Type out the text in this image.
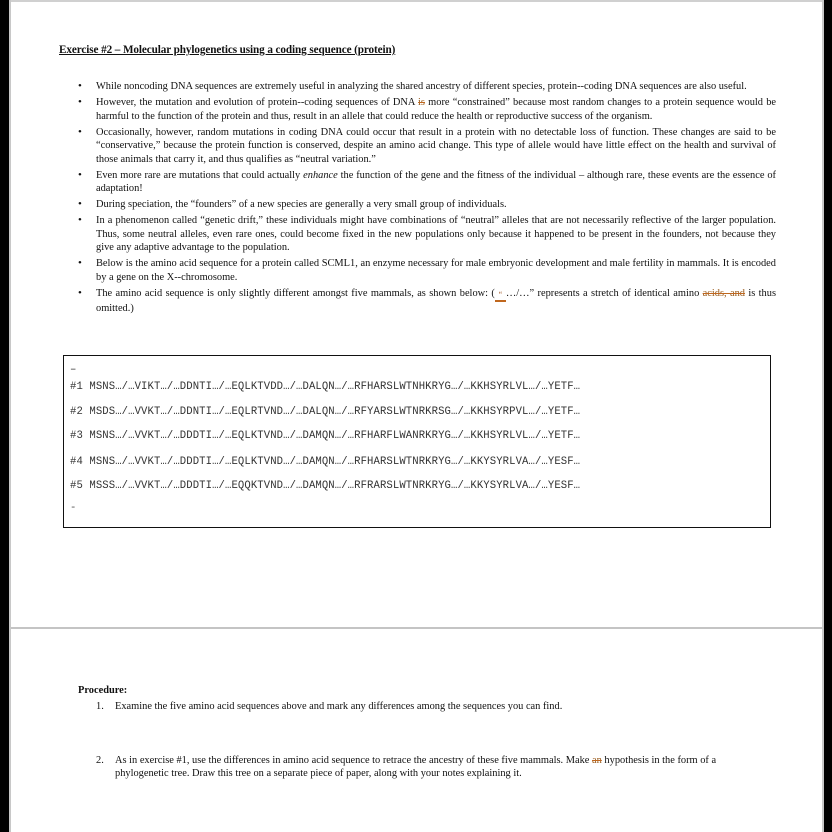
Exercise #2 – Molecular phylogenetics using a coding sequence (protein)
• While noncoding DNA sequences are extremely useful in analyzing the shared ancestry of different species, protein--coding DNA sequences are also useful.
• However, the mutation and evolution of protein--coding sequences of DNA is more “constrained” because most random changes to a protein sequence would be harmful to the function of the protein and thus, result in an allele that could reduce the health or reproductive success of the organism.
• Occasionally, however, random mutations in coding DNA could occur that result in a protein with no detectable loss of function. These changes are said to be “conservative,” because the protein function is conserved, despite an amino acid change. This type of allele would have little effect on the health and survival of those animals that carry it, and thus qualifies as “neutral variation.”
• Even more rare are mutations that could actually enhance the function of the gene and the fitness of the individual – although rare, these events are the essence of adaptation!
• During speciation, the “founders” of a new species are generally a very small group of individuals.
• In a phenomenon called “genetic drift,” these individuals might have combinations of “neutral” alleles that are not necessarily reflective of the larger population. Thus, some neutral alleles, even rare ones, could become fixed in the new populations only because it happened to be present in the founders, not because they give any adaptive advantage to the population.
• Below is the amino acid sequence for a protein called SCML1, an enzyme necessary for male embryonic development and male fertility in mammals. It is encoded by a gene on the X--chromosome.
• The amino acid sequence is only slightly different amongst five mammals, as shown below: ( “ …/…” represents a stretch of identical amino acids, and is thus omitted.)
–
#1 MSNS…/…VIKT…/…DDNTI…/…EQLKTVDD…/…DALQN…/…RFHARSLWTNHKRYG…/…KKHSYRLVL…/…YETF…
#2 MSDS…/…VVKT…/…DDNTI…/…EQLRTVND…/…DALQN…/…RFYARSLWTNRKRSG…/…KKHSYRPVL…/…YETF…
#3 MSNS…/…VVKT…/…DDDTI…/…EQLKTVND…/…DAMQN…/…RFHARFLWANRKRYG…/…KKHSYRLVL…/…YETF…
#4 MSNS…/…VVKT…/…DDDTI…/…EQLKTVND…/…DAMQN…/…RFHARSLWTNRKRYG…/…KKYSYRLVA…/…YESF…
#5 MSSS…/…VVKT…/…DDDTI…/…EQQKTVND…/…DAMQN…/…RFRARSLWTNRKRYG…/…KKYSYRLVA…/…YESF…
-
Procedure:
1. Examine the five amino acid sequences above and mark any differences among the sequences you can find.
2. As in exercise #1, use the differences in amino acid sequence to retrace the ancestry of these five mammals. Make an hypothesis in the form of a phylogenetic tree. Draw this tree on a separate piece of paper, along with your notes explaining it.
